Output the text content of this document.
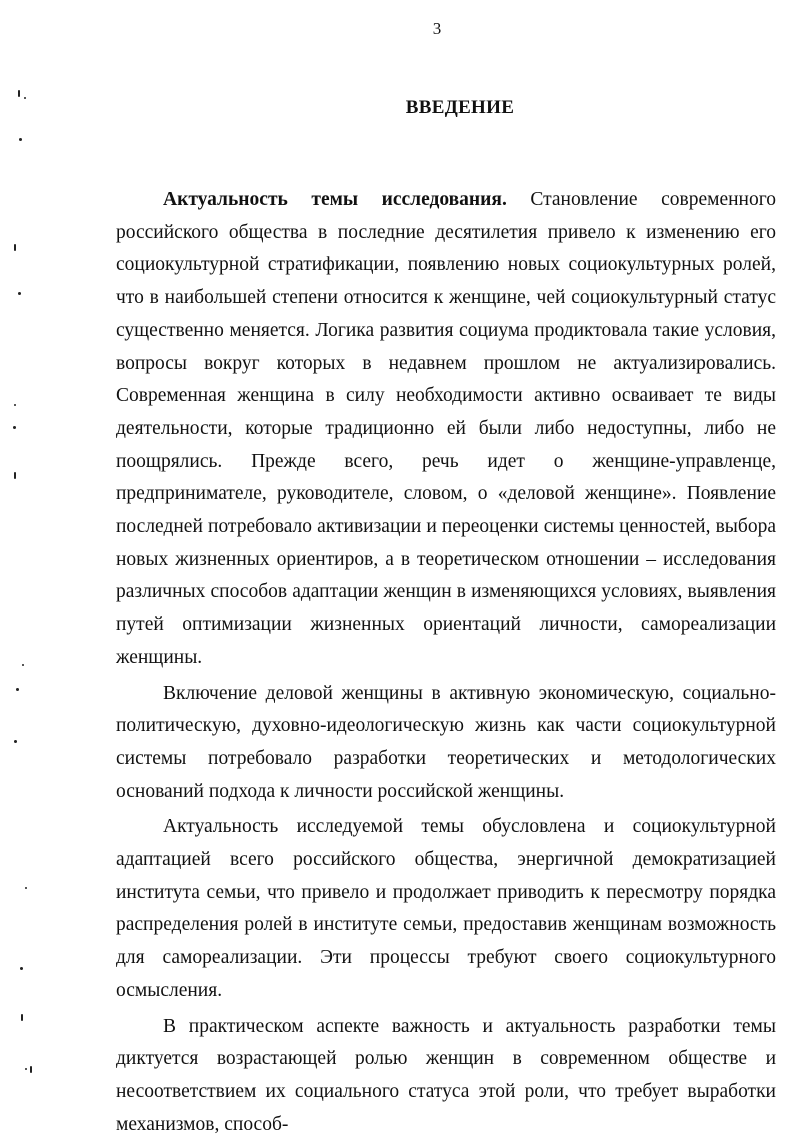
3
ВВЕДЕНИЕ

Актуальность темы исследования. Становление современного российского общества в последние десятилетия привело к изменению его социокультурной стратификации, появлению новых социокультурных ролей, что в наибольшей степени относится к женщине, чей социокультурный статус существенно меняется. Логика развития социума продиктовала такие условия, вопросы вокруг которых в недавнем прошлом не актуализировались. Современная женщина в силу необходимости активно осваивает те виды деятельности, которые традиционно ей были либо недоступны, либо не поощрялись. Прежде всего, речь идет о женщине-управленце, предпринимателе, руководителе, словом, о «деловой женщине». Появление последней потребовало активизации и переоценки системы ценностей, выбора новых жизненных ориентиров, а в теоретическом отношении – исследования различных способов адаптации женщин в изменяющихся условиях, выявления путей оптимизации жизненных ориентаций личности, самореализации женщины.

Включение деловой женщины в активную экономическую, социально-политическую, духовно-идеологическую жизнь как части социокультурной системы потребовало разработки теоретических и методологических оснований подхода к личности российской женщины.

Актуальность исследуемой темы обусловлена и социокультурной адаптацией всего российского общества, энергичной демократизацией института семьи, что привело и продолжает приводить к пересмотру порядка распределения ролей в институте семьи, предоставив женщинам возможность для самореализации. Эти процессы требуют своего социокультурного осмысления.

В практическом аспекте важность и актуальность разработки темы диктуется возрастающей ролью женщин в современном обществе и несоответствием их социального статуса этой роли, что требует выработки механизмов, способ-
